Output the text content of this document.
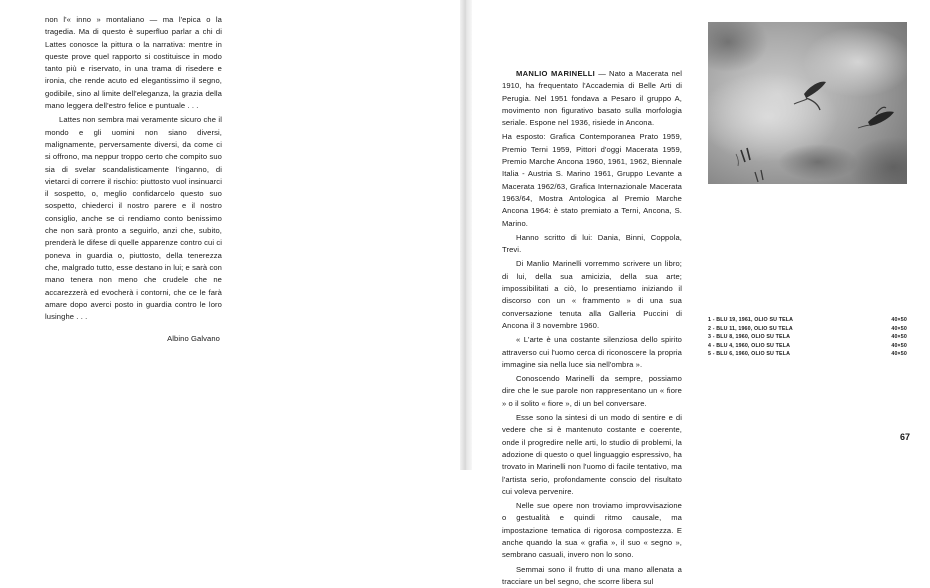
non l'« inno » montaliano — ma l'epica o la tragedia. Ma di questo è superfluo parlar a chi di Lattes conosce la pittura o la narrativa: mentre in queste prove quel rapporto si costituisce in modo tanto più e riservato, in una trama di risedere e ironia, che rende acuto ed elegantissimo il segno, godibile, sino al limite dell'eleganza, la grazia della mano leggera dell'estro felice e puntuale . . .

Lattes non sembra mai veramente sicuro che il mondo e gli uomini non siano diversi, malignamente, perversamente diversi, da come ci si offrono, ma neppur troppo certo che compito suo sia di svelar scandalisticamente l'inganno, di vietarci di correre il rischio: piuttosto vuol insinuarci il sospetto, o, meglio confidarcelo questo suo sospetto, chiederci il nostro parere e il nostro consiglio, anche se ci rendiamo conto benissimo che non sarà pronto a seguirlo, anzi che, subito, prenderà le difese di quelle apparenze contro cui ci poneva in guardia o, piuttosto, della tenerezza che, malgrado tutto, esse destano in lui; e sarà con mano tenera non meno che crudele che ne accarezzerà ed evocherà i contorni, che ce le farà amare dopo averci posto in guardia contro le loro lusinghe . . .

Albino Galvano

MANLIO MARINELLI — Nato a Macerata nel 1910, ha frequentato l'Accademia di Belle Arti di Perugia. Nel 1951 fondava a Pesaro il gruppo A, movimento non figurativo basato sulla morfologia seriale. Espone nel 1936, risiede in Ancona.

Ha esposto: Grafica Contemporanea Prato 1959, Premio Terni 1959, Pittori d'oggi Macerata 1959, Premio Marche Ancona 1960, 1961, 1962, Biennale Italia - Austria S. Marino 1961, Gruppo Levante a Macerata 1962/63, Grafica Internazionale Macerata 1963/64, Mostra Antologica al Premio Marche Ancona 1964: è stato premiato a Terni, Ancona, S. Marino.

Hanno scritto di lui: Dania, Binni, Coppola, Trevi.

Di Manlio Marinelli vorremmo scrivere un libro; di lui, della sua amicizia, della sua arte; impossibilitati a ciò, lo presentiamo iniziando il discorso con un « frammento » di una sua conversazione tenuta alla Galleria Puccini di Ancona il 3 novembre 1960.

« L'arte è una costante silenziosa dello spirito attraverso cui l'uomo cerca di riconoscere la propria immagine sia nella luce sia nell'ombra ».

Conoscendo Marinelli da sempre, possiamo dire che le sue parole non rappresentano un « fiore » o il solito « fiore », di un bel conversare.

Esse sono la sintesi di un modo di sentire e di vedere che si è mantenuto costante e coerente, onde il progredire nelle arti, lo studio di problemi, la adozione di questo o quel linguaggio espressivo, ha trovato in Marinelli non l'uomo di facile tentativo, ma l'artista serio, profondamente conscio del risultato cui voleva pervenire.

Nelle sue opere non troviamo improvvisazione o gestualità e quindi ritmo causale, ma impostazione tematica di rigorosa compostezza. E anche quando la sua « grafia », il suo « segno », sembrano casuali, invero non lo sono.

Semmai sono il frutto di una mano allenata a tracciare un bel segno, che scorre libera sul

1 - BLU 19, 1961, OLIO SU TELA	40×50
2 - BLU 11, 1960, OLIO SU TELA	40×50
3 - BLU 8, 1960, OLIO SU TELA	40×50
4 - BLU 4, 1960, OLIO SU TELA	40×50
5 - BLU 6, 1960, OLIO SU TELA	40×50
67
